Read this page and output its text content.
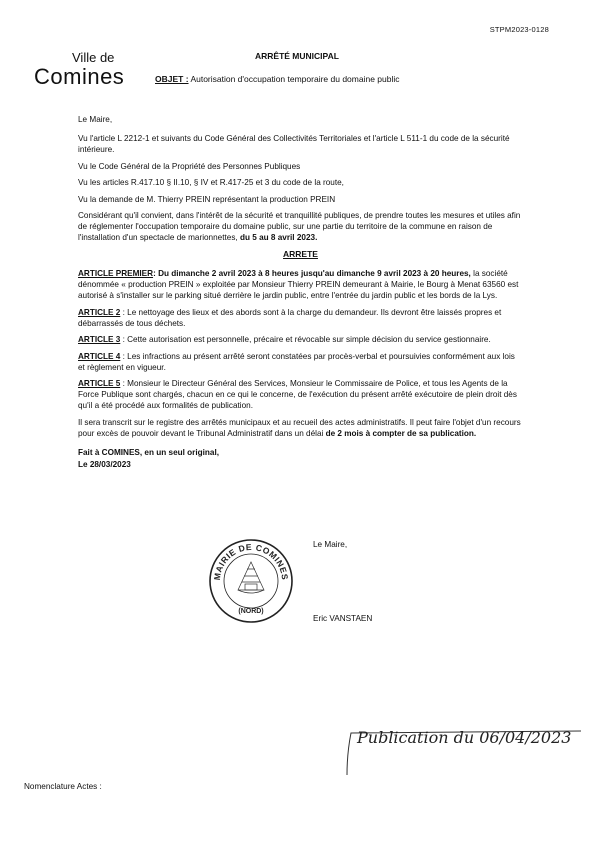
STPM2023-0128
Ville de
Comines
ARRÊTÉ MUNICIPAL
OBJET : Autorisation d'occupation temporaire du domaine public

Le Maire,

Vu l'article L 2212-1 et suivants du Code Général des Collectivités Territoriales et l'article L 511-1 du code de la sécurité intérieure.

Vu le Code Général de la Propriété des Personnes Publiques

Vu les articles R.417.10 § II.10, § IV et R.417-25 et 3 du code de la route,

Vu la demande de M. Thierry PREIN représentant la production PREIN

Considérant qu'il convient, dans l'intérêt de la sécurité et tranquillité publiques, de prendre toutes les mesures et utiles afin de réglementer l'occupation temporaire du domaine public, sur une partie du territoire de la commune en raison de l'installation d'un spectacle de marionnettes, du 5 au 8 avril 2023.

ARRETE

ARTICLE PREMIER: Du dimanche 2 avril 2023 à 8 heures jusqu'au dimanche 9 avril 2023 à 20 heures, la société dénommée « production PREIN » exploitée par Monsieur Thierry PREIN demeurant à Mairie, le Bourg à Menat 63560 est autorisé à s'installer sur le parking situé derrière le jardin public, entre l'entrée du jardin public et les bords de la Lys.

ARTICLE 2 : Le nettoyage des lieux et des abords sont à la charge du demandeur. Ils devront être laissés propres et débarrassés de tous déchets.

ARTICLE 3 : Cette autorisation est personnelle, précaire et révocable sur simple décision du service gestionnaire.

ARTICLE 4 : Les infractions au présent arrêté seront constatées par procès-verbal et poursuivies conformément aux lois et règlement en vigueur.

ARTICLE 5 : Monsieur le Directeur Général des Services, Monsieur le Commissaire de Police, et tous les Agents de la Force Publique sont chargés, chacun en ce qui le concerne, de l'exécution du présent arrêté exécutoire de plein droit dès qu'il a été procédé aux formalités de publication.

Il sera transcrit sur le registre des arrêtés municipaux et au recueil des actes administratifs. Il peut faire l'objet d'un recours pour excès de pouvoir devant le Tribunal Administratif dans un délai de 2 mois à compter de sa publication.

Fait à COMINES, en un seul original,

Le 28/03/2023

Le Maire,
MAIRIE DE COMINES
(NORD)
Eric VANSTAEN
Publication du 06/04/2023
Nomenclature Actes :
